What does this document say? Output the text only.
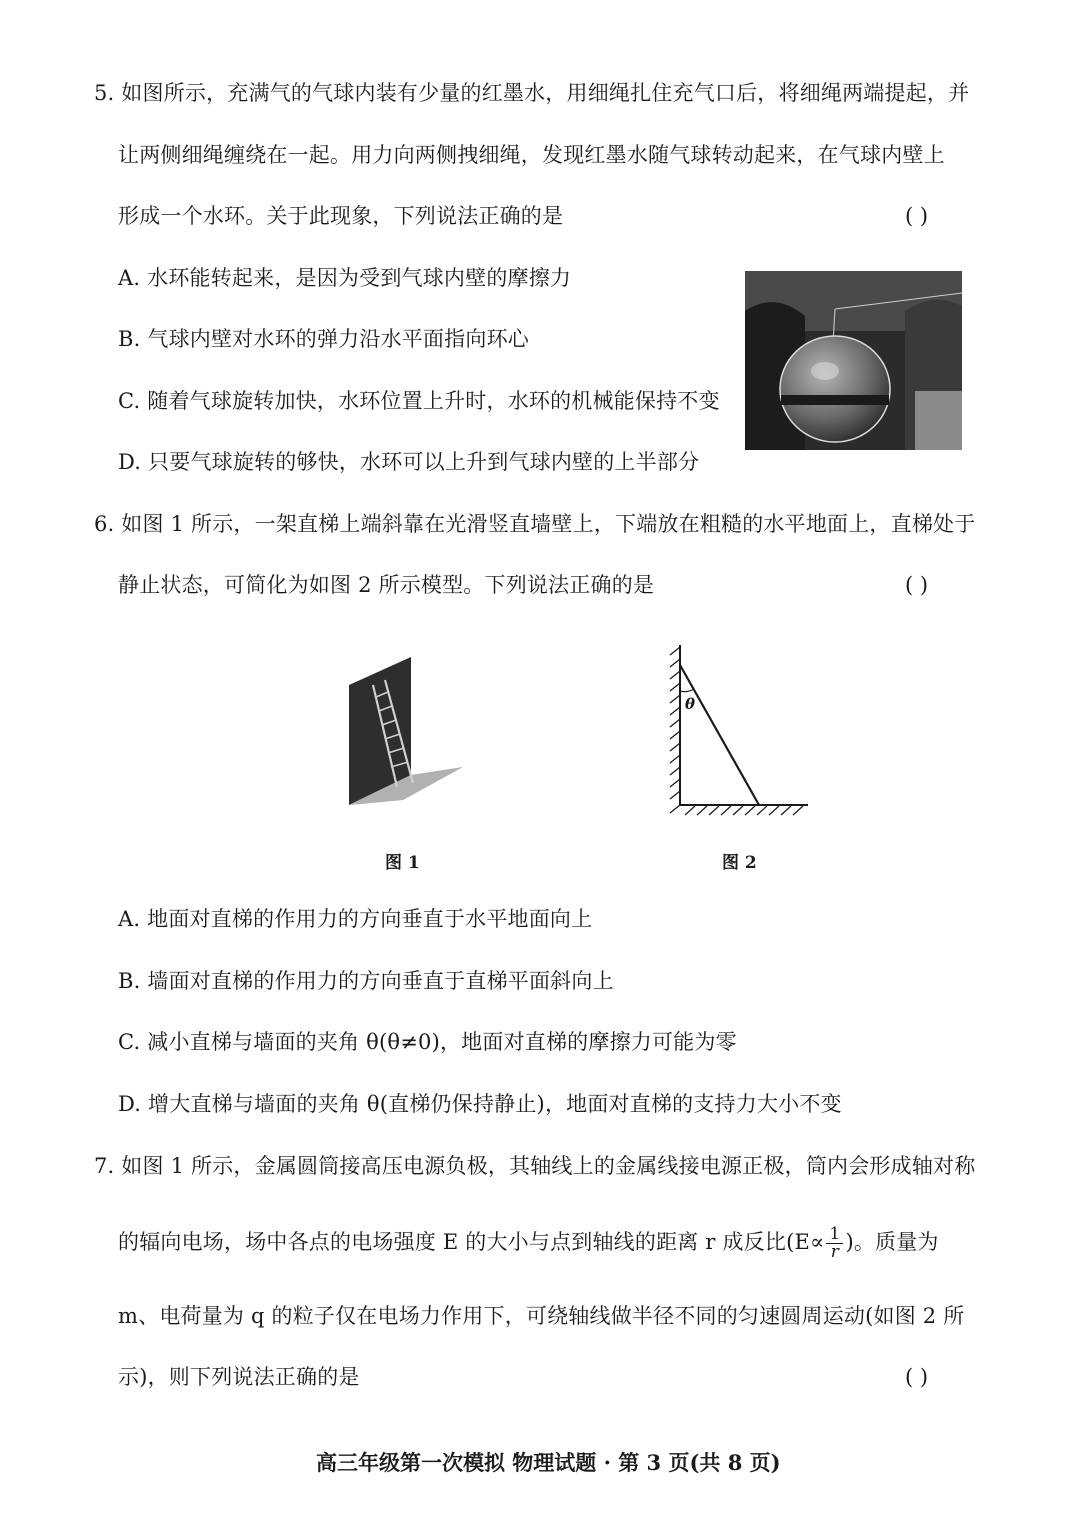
5. 如图所示，充满气的气球内装有少量的红墨水，用细绳扎住充气口后，将细绳两端提起，并
让两侧细绳缠绕在一起。用力向两侧拽细绳，发现红墨水随气球转动起来，在气球内壁上
形成一个水环。关于此现象，下列说法正确的是	( )
A. 水环能转起来，是因为受到气球内壁的摩擦力
B. 气球内壁对水环的弹力沿水平面指向环心
C. 随着气球旋转加快，水环位置上升时，水环的机械能保持不变
D. 只要气球旋转的够快，水环可以上升到气球内壁的上半部分
6. 如图 1 所示，一架直梯上端斜靠在光滑竖直墙壁上，下端放在粗糙的水平地面上，直梯处于
静止状态，可简化为如图 2 所示模型。下列说法正确的是	( )
图 1
θ
图 2
A. 地面对直梯的作用力的方向垂直于水平地面向上
B. 墙面对直梯的作用力的方向垂直于直梯平面斜向上
C. 减小直梯与墙面的夹角 θ(θ≠0)，地面对直梯的摩擦力可能为零
D. 增大直梯与墙面的夹角 θ(直梯仍保持静止)，地面对直梯的支持力大小不变
7. 如图 1 所示，金属圆筒接高压电源负极，其轴线上的金属线接电源正极，筒内会形成轴对称
的辐向电场，场中各点的电场强度 E 的大小与点到轴线的距离 r 成反比($E\propto \frac{1}{r}$ )。质量为
m、电荷量为 q 的粒子仅在电场力作用下，可绕轴线做半径不同的匀速圆周运动(如图 2 所
示)，则下列说法正确的是	( )
高三年级第一次模拟 物理试题 · 第 3 页(共 8 页)
